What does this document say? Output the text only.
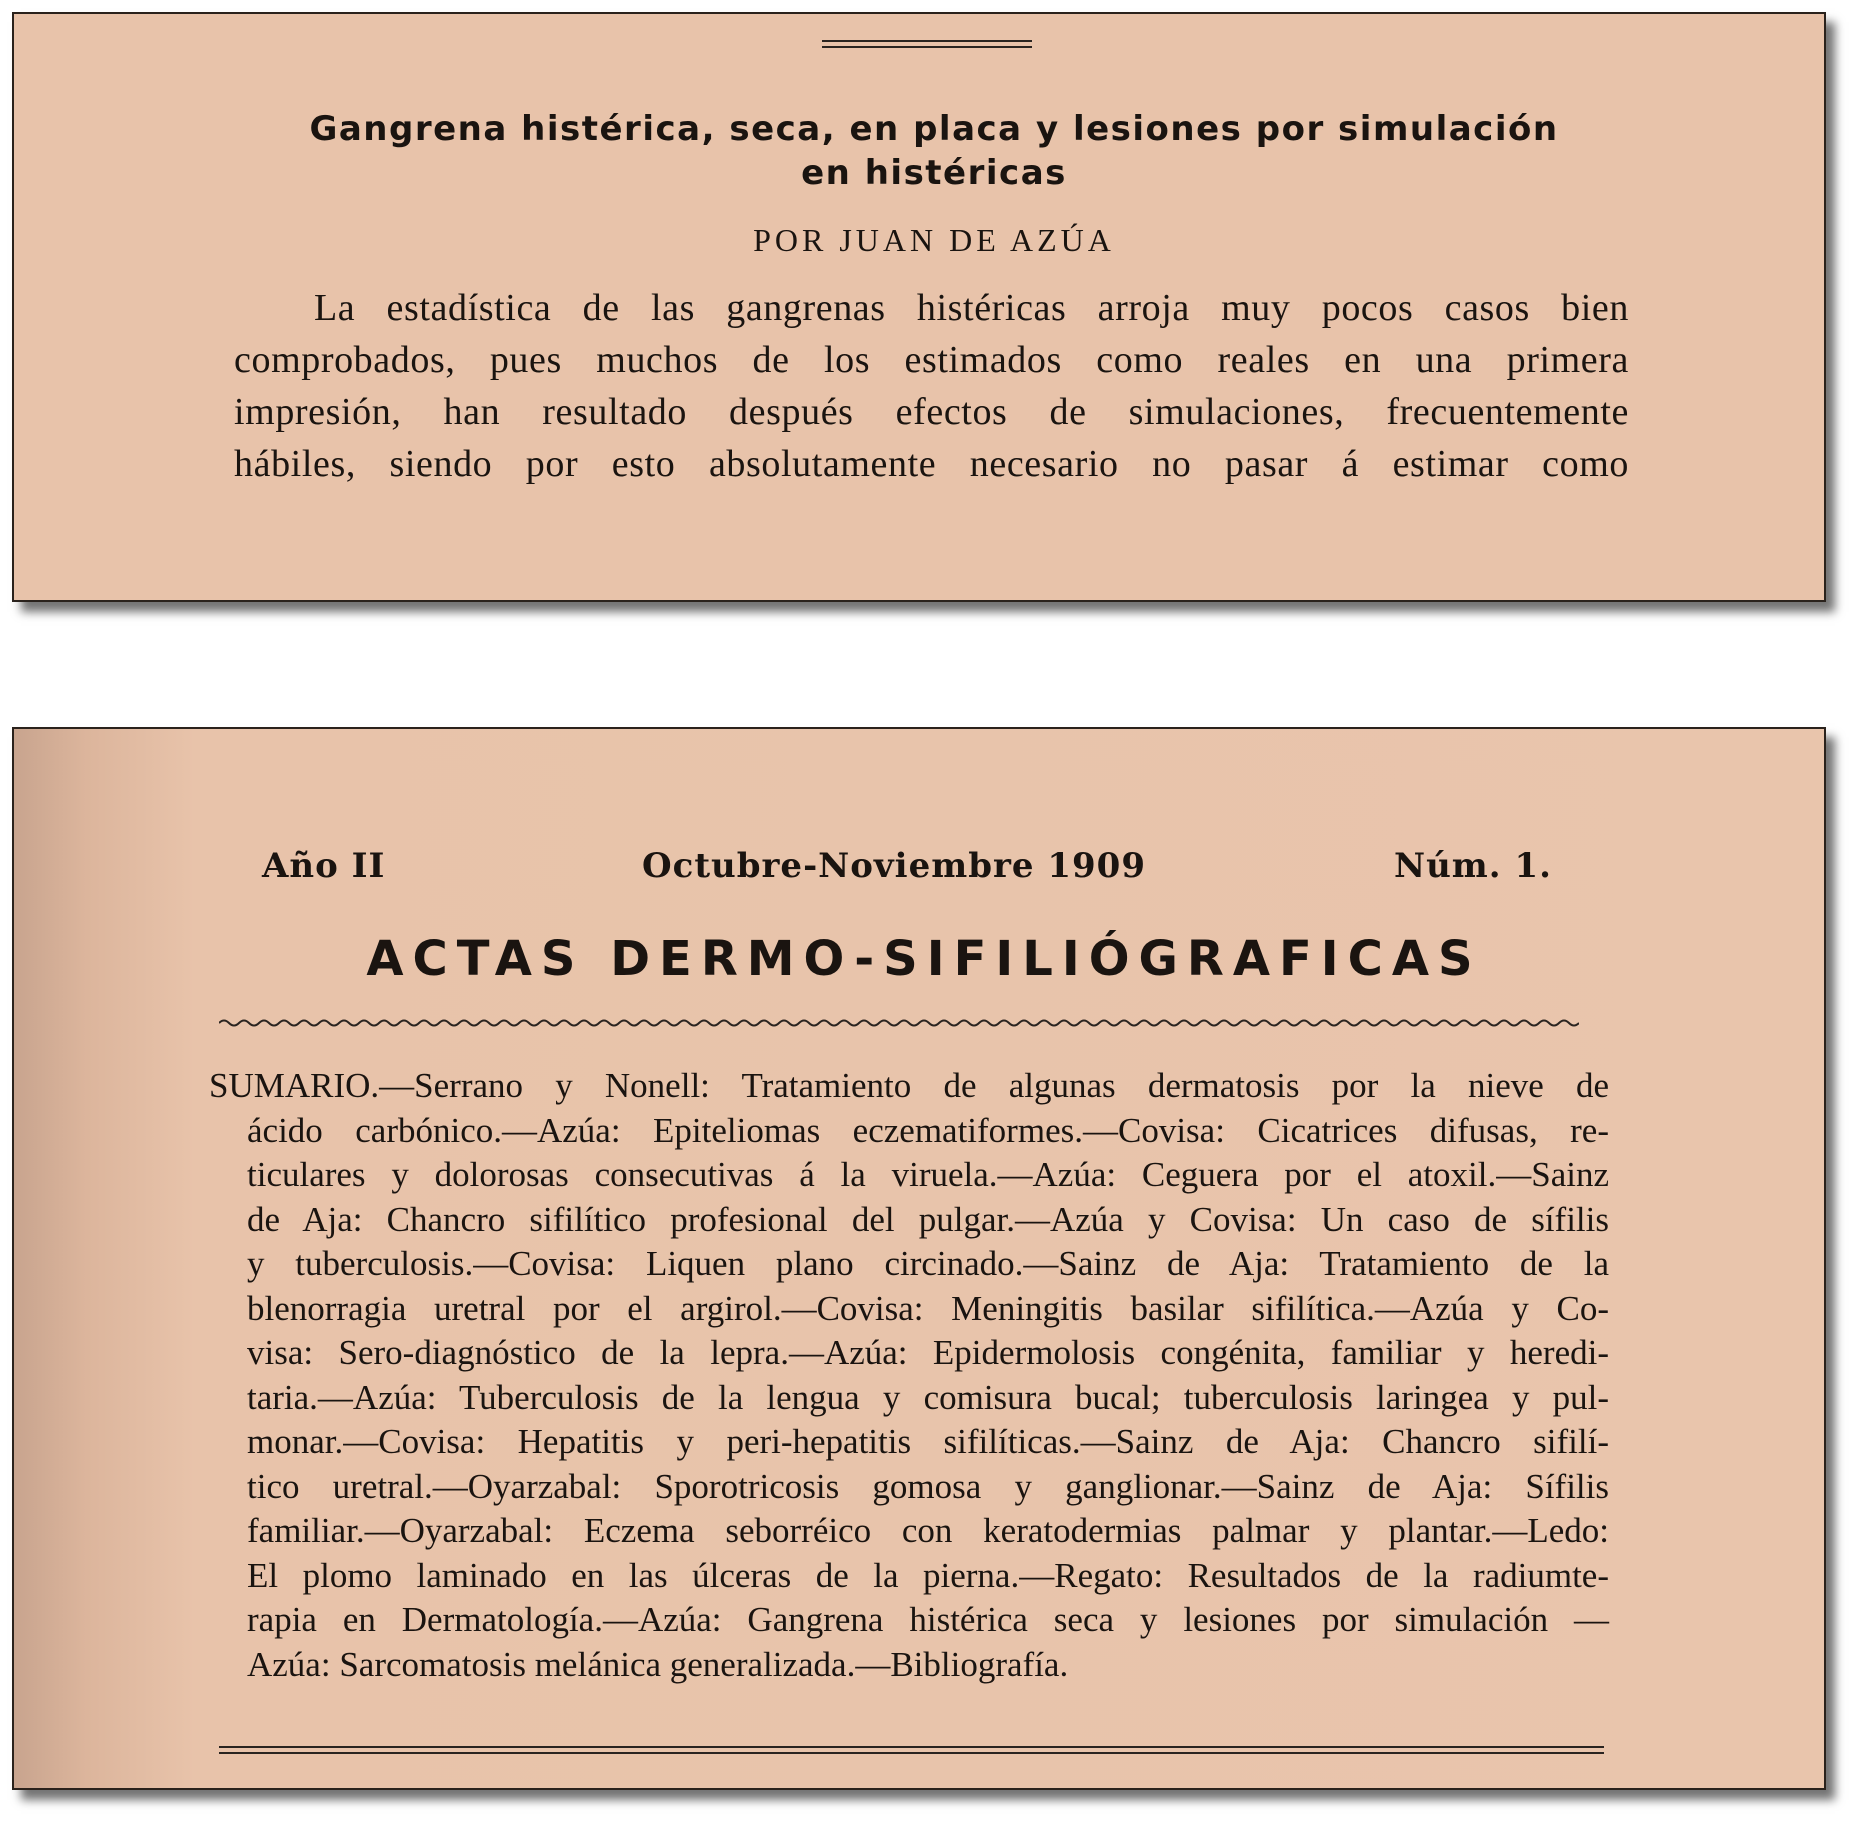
Gangrena histérica, seca, en placa y lesiones por simulación
en histéricas
POR JUAN DE AZÚA
La estadística de las gangrenas histéricas arroja muy pocos casos bien
comprobados, pues muchos de los estimados como reales en una primera
impresión, han resultado después efectos de simulaciones, frecuentemente
hábiles, siendo por esto absolutamente necesario no pasar á estimar como
Año II	Octubre-Noviembre 1909	Núm. 1.
ACTAS DERMO-SIFILIÓGRAFICAS
SUMARIO.—Serrano y Nonell: Tratamiento de algunas dermatosis por la nieve de
ácido carbónico.—Azúa: Epiteliomas eczematiformes.—Covisa: Cicatrices difusas, re-
ticulares y dolorosas consecutivas á la viruela.—Azúa: Ceguera por el atoxil.—Sainz
de Aja: Chancro sifilítico profesional del pulgar.—Azúa y Covisa: Un caso de sífilis
y tuberculosis.—Covisa: Liquen plano circinado.—Sainz de Aja: Tratamiento de la
blenorragia uretral por el argirol.—Covisa: Meningitis basilar sifilítica.—Azúa y Co-
visa: Sero-diagnóstico de la lepra.—Azúa: Epidermolosis congénita, familiar y heredi-
taria.—Azúa: Tuberculosis de la lengua y comisura bucal; tuberculosis laringea y pul-
monar.—Covisa: Hepatitis y peri-hepatitis sifilíticas.—Sainz de Aja: Chancro sifilí-
tico uretral.—Oyarzabal: Sporotricosis gomosa y ganglionar.—Sainz de Aja: Sífilis
familiar.—Oyarzabal: Eczema seborréico con keratodermias palmar y plantar.—Ledo:
El plomo laminado en las úlceras de la pierna.—Regato: Resultados de la radiumte-
rapia en Dermatología.—Azúa: Gangrena histérica seca y lesiones por simulación —
Azúa: Sarcomatosis melánica generalizada.—Bibliografía.
